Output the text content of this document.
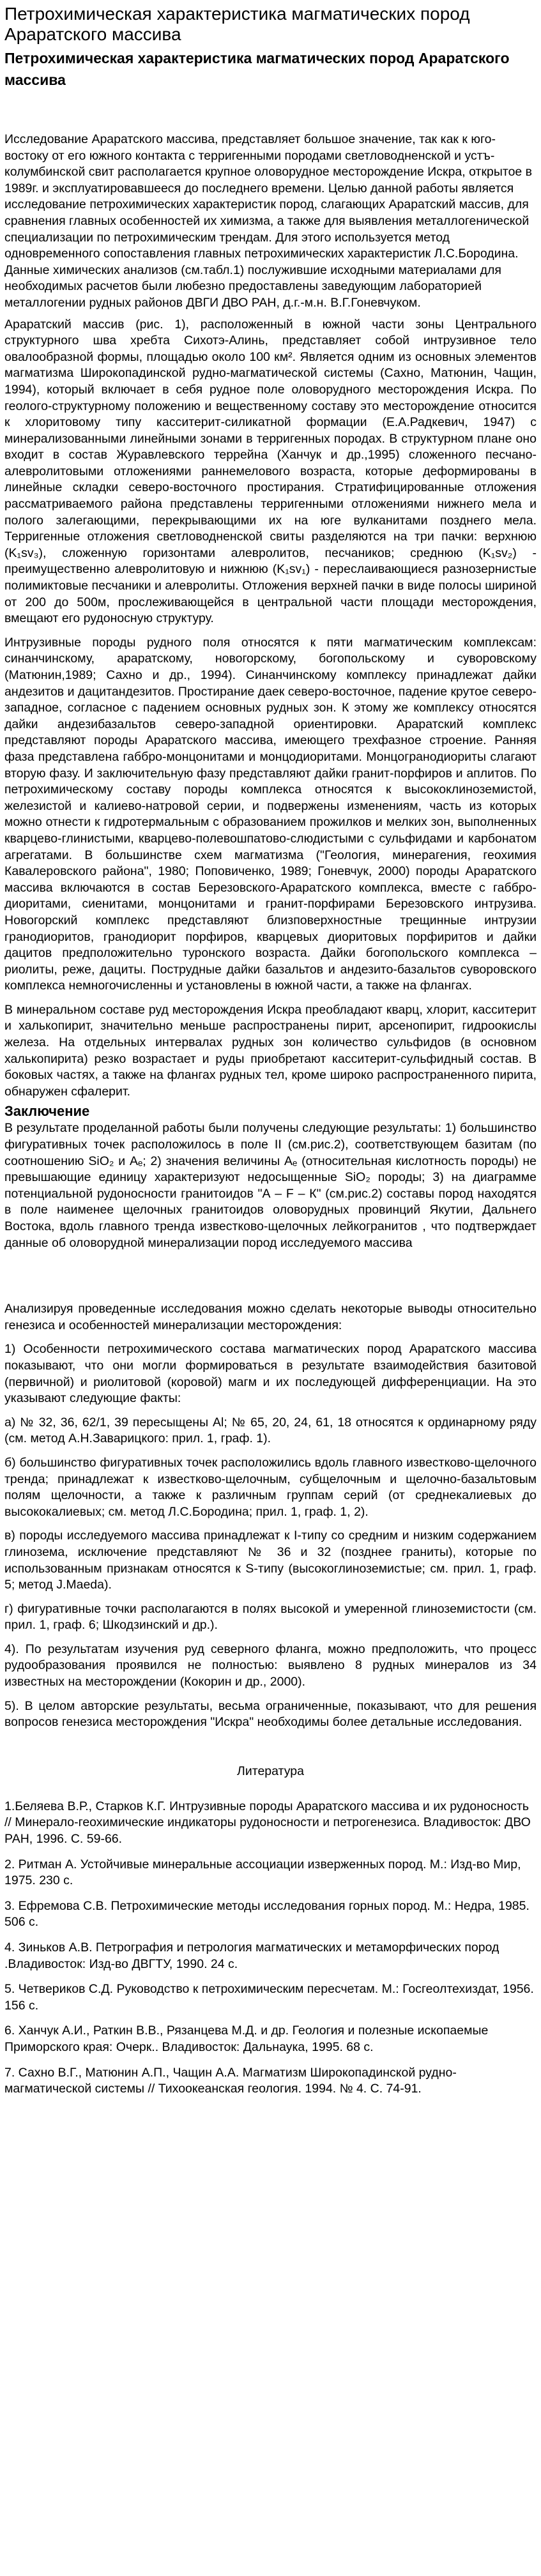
Петрохимическая характеристика магматических пород Араратского массива
Петрохимическая характеристика магматических пород Араратского массива

Исследование Араратского массива, представляет большое значение, так как к юго-востоку от его южного контакта с терригенными породами светловодненской и устъ-колумбинской свит располагается крупное оловорудное месторождение Искра, открытое в 1989г. и эксплуатировавшееся до последнего времени. Целью данной работы является исследование петрохимических характеристик пород, слагающих Араратский массив, для сравнения главных особенностей их химизма, а также для выявления металлогенической специализации по петрохимическим трендам. Для этого используется метод одновременного сопоставления главных петрохимических характеристик Л.С.Бородина. Данные химических анализов (см.табл.1) послужившие исходными материалами для необходимых расчетов были любезно предоставлены заведующим лабораторией металлогении рудных районов ДВГИ ДВО РАН, д.г.-м.н. В.Г.Гоневчуком.

Араратский массив (рис. 1), расположенный в южной части зоны Центрального структурного шва хребта Сихотэ-Алинь, представляет собой интрузивное тело овалообразной формы, площадью около 100 км². Является одним из основных элементов магматизма Широкопадинской рудно-магматической системы (Сахно, Матюнин, Чащин, 1994), который включает в себя рудное поле оловорудного месторождения Искра. По геолого-структурному положению и вещественному составу это месторождение относится к хлоритовому типу касситерит-силикатной формации (Е.А.Радкевич, 1947) с минерализованными линейными зонами в терригенных породах. В структурном плане оно входит в состав Журавлевского террейна (Ханчук и др.,1995) сложенного песчано-алевролитовыми отложениями раннемелового возраста, которые деформированы в линейные складки северо-восточного простирания. Стратифицированные отложения рассматриваемого района представлены терригенными отложениями нижнего мела и полого залегающими, перекрывающими их на юге вулканитами позднего мела. Терригенные отложения светловодненской свиты разделяются на три пачки: верхнюю (K₁sv₃), сложенную горизонтами алевролитов, песчаников; среднюю (K₁sv₂) - преимущественно алевролитовую и нижнюю (K₁sv₁) - переслаивающиеся разнозернистые полимиктовые песчаники и алевролиты. Отложения верхней пачки в виде полосы шириной от 200 до 500м, прослеживающейся в центральной части площади месторождения, вмещают его рудоносную структуру.

Интрузивные породы рудного поля относятся к пяти магматическим комплексам: синанчинскому, араратскому, новогорскому, богопольскому и суворовскому (Матюнин,1989; Сахно и др., 1994). Синанчинскому комплексу принадлежат дайки андезитов и дацитандезитов. Простирание даек северо-восточное, падение крутое северо-западное, согласное с падением основных рудных зон. К этому же комплексу относятся дайки андезибазальтов северо-западной ориентировки. Араратский комплекс представляют породы Араратского массива, имеющего трехфазное строение. Ранняя фаза представлена габбро-монцонитами и монцодиоритами. Монцогранодиориты слагают вторую фазу. И заключительную фазу представляют дайки гранит-порфиров и аплитов. По петрохимическому составу породы комплекса относятся к высококлиноземистой, железистой и калиево-натровой серии, и подвержены изменениям, часть из которых можно отнести к гидротермальным с образованием прожилков и мелких зон, выполненных кварцево-глинистыми, кварцево-полевошпатово-слюдистыми с сульфидами и карбонатом агрегатами. В большинстве схем магматизма ("Геология, минерагения, геохимия Кавалеровского района", 1980; Поповиченко, 1989; Гоневчук, 2000) породы Араратского массива включаются в состав Березовского-Араратского комплекса, вместе с габбро-диоритами, сиенитами, монцонитами и гранит-порфирами Березовского интрузива. Новогорский комплекс представляют близповерхностные трещинные интрузии гранодиоритов, гранодиорит порфиров, кварцевых диоритовых порфиритов и дайки дацитов предположительно туронского возраста. Дайки богопольского комплекса – риолиты, реже, дациты. Пострудные дайки базальтов и андезито-базальтов суворовского комплекса немногочисленны и установлены в южной части, а также на флангах.

В минеральном составе руд месторождения Искра преобладают кварц, хлорит, касситерит и халькопирит, значительно меньше распространены пирит, арсенопирит, гидроокислы железа. На отдельных интервалах рудных зон количество сульфидов (в основном халькопирита) резко возрастает и руды приобретают касситерит-сульфидный состав. В боковых частях, а также на флангах рудных тел, кроме широко распространенного пирита, обнаружен сфалерит.

Заключение

В результате проделанной работы были получены следующие результаты: 1) большинство фигуративных точек расположилось в поле II (см.рис.2), соответствующем базитам (по соотношению SiO₂ и Aₑ; 2) значения величины Aₑ (относительная кислотность породы) не превышающие единицу характеризуют недосыщенные SiO₂ породы; 3) на диаграмме потенциальной рудоносности гранитоидов "А – F – К" (см.рис.2) составы пород находятся в поле наименее щелочных гранитоидов оловорудных провинций Якутии, Дальнего Востока, вдоль главного тренда известково-щелочных лейкогранитов , что подтверждает данные об оловорудной минерализации пород исследуемого массива

Анализируя проведенные исследования можно сделать некоторые выводы относительно генезиса и особенностей минерализации месторождения:

1) Особенности петрохимического состава магматических пород Араратского массива показывают, что они могли формироваться в результате взаимодействия базитовой (первичной) и риолитовой (коровой) магм и их последующей дифференциации. На это указывают следующие факты:

а) № 32, 36, 62/1, 39 пересыщены Al; № 65, 20, 24, 61, 18 относятся к ординарному ряду (см. метод А.Н.Заварицкого: прил. 1, граф. 1).

б) большинство фигуративных точек расположились вдоль главного известково-щелочного тренда; принадлежат к известково-щелочным, субщелочным и щелочно-базальтовым полям щелочности, а также к различным группам серий (от среднекалиевых до высококалиевых; см. метод Л.С.Бородина; прил. 1, граф. 1, 2).

в) породы исследуемого массива принадлежат к I-типу со средним и низким содержанием глинозема, исключение представляют № 36 и 32 (позднее граниты), которые по использованным признакам относятся к S-типу (высокоглиноземистые; см. прил. 1, граф. 5; метод J.Maeda).

г) фигуративные точки располагаются в полях высокой и умеренной глиноземистости (см. прил. 1, граф. 6; Шкодзинский и др.).

4). По результатам изучения руд северного фланга, можно предположить, что процесс рудообразования проявился не полностью: выявлено 8 рудных минералов из 34 известных на месторождении (Кокорин и др., 2000).

5). В целом авторские результаты, весьма ограниченные, показывают, что для решения вопросов генезиса месторождения "Искра" необходимы более детальные исследования.

Литература

1.Беляева В.Р., Старков К.Г. Интрузивные породы Араратского массива и их рудоносность // Минерало-геохимические индикаторы рудоносности и петрогенезиса. Владивосток: ДВО РАН, 1996. С. 59-66.

2. Ритман А. Устойчивые минеральные ассоциации изверженных пород. М.: Изд-во Мир, 1975. 230 с.

3. Ефремова С.В. Петрохимические методы исследования горных пород. М.: Недра, 1985. 506 с.

4. Зиньков А.В. Петрография и петрология магматических и метаморфических пород .Владивосток: Изд-во ДВГТУ, 1990. 24 с.

5. Четвериков С.Д. Руководство к петрохимическим пересчетам. М.: Госгеолтехиздат, 1956. 156 с.

6. Ханчук А.И., Раткин В.В., Рязанцева М.Д. и др. Геология и полезные ископаемые Приморского края: Очерк.. Владивосток: Дальнаука, 1995. 68 с.

7. Сахно В.Г., Матюнин А.П., Чащин А.А. Магматизм Широкопадинской рудно-магматической системы // Тихоокеанская геология. 1994. № 4. С. 74-91.
